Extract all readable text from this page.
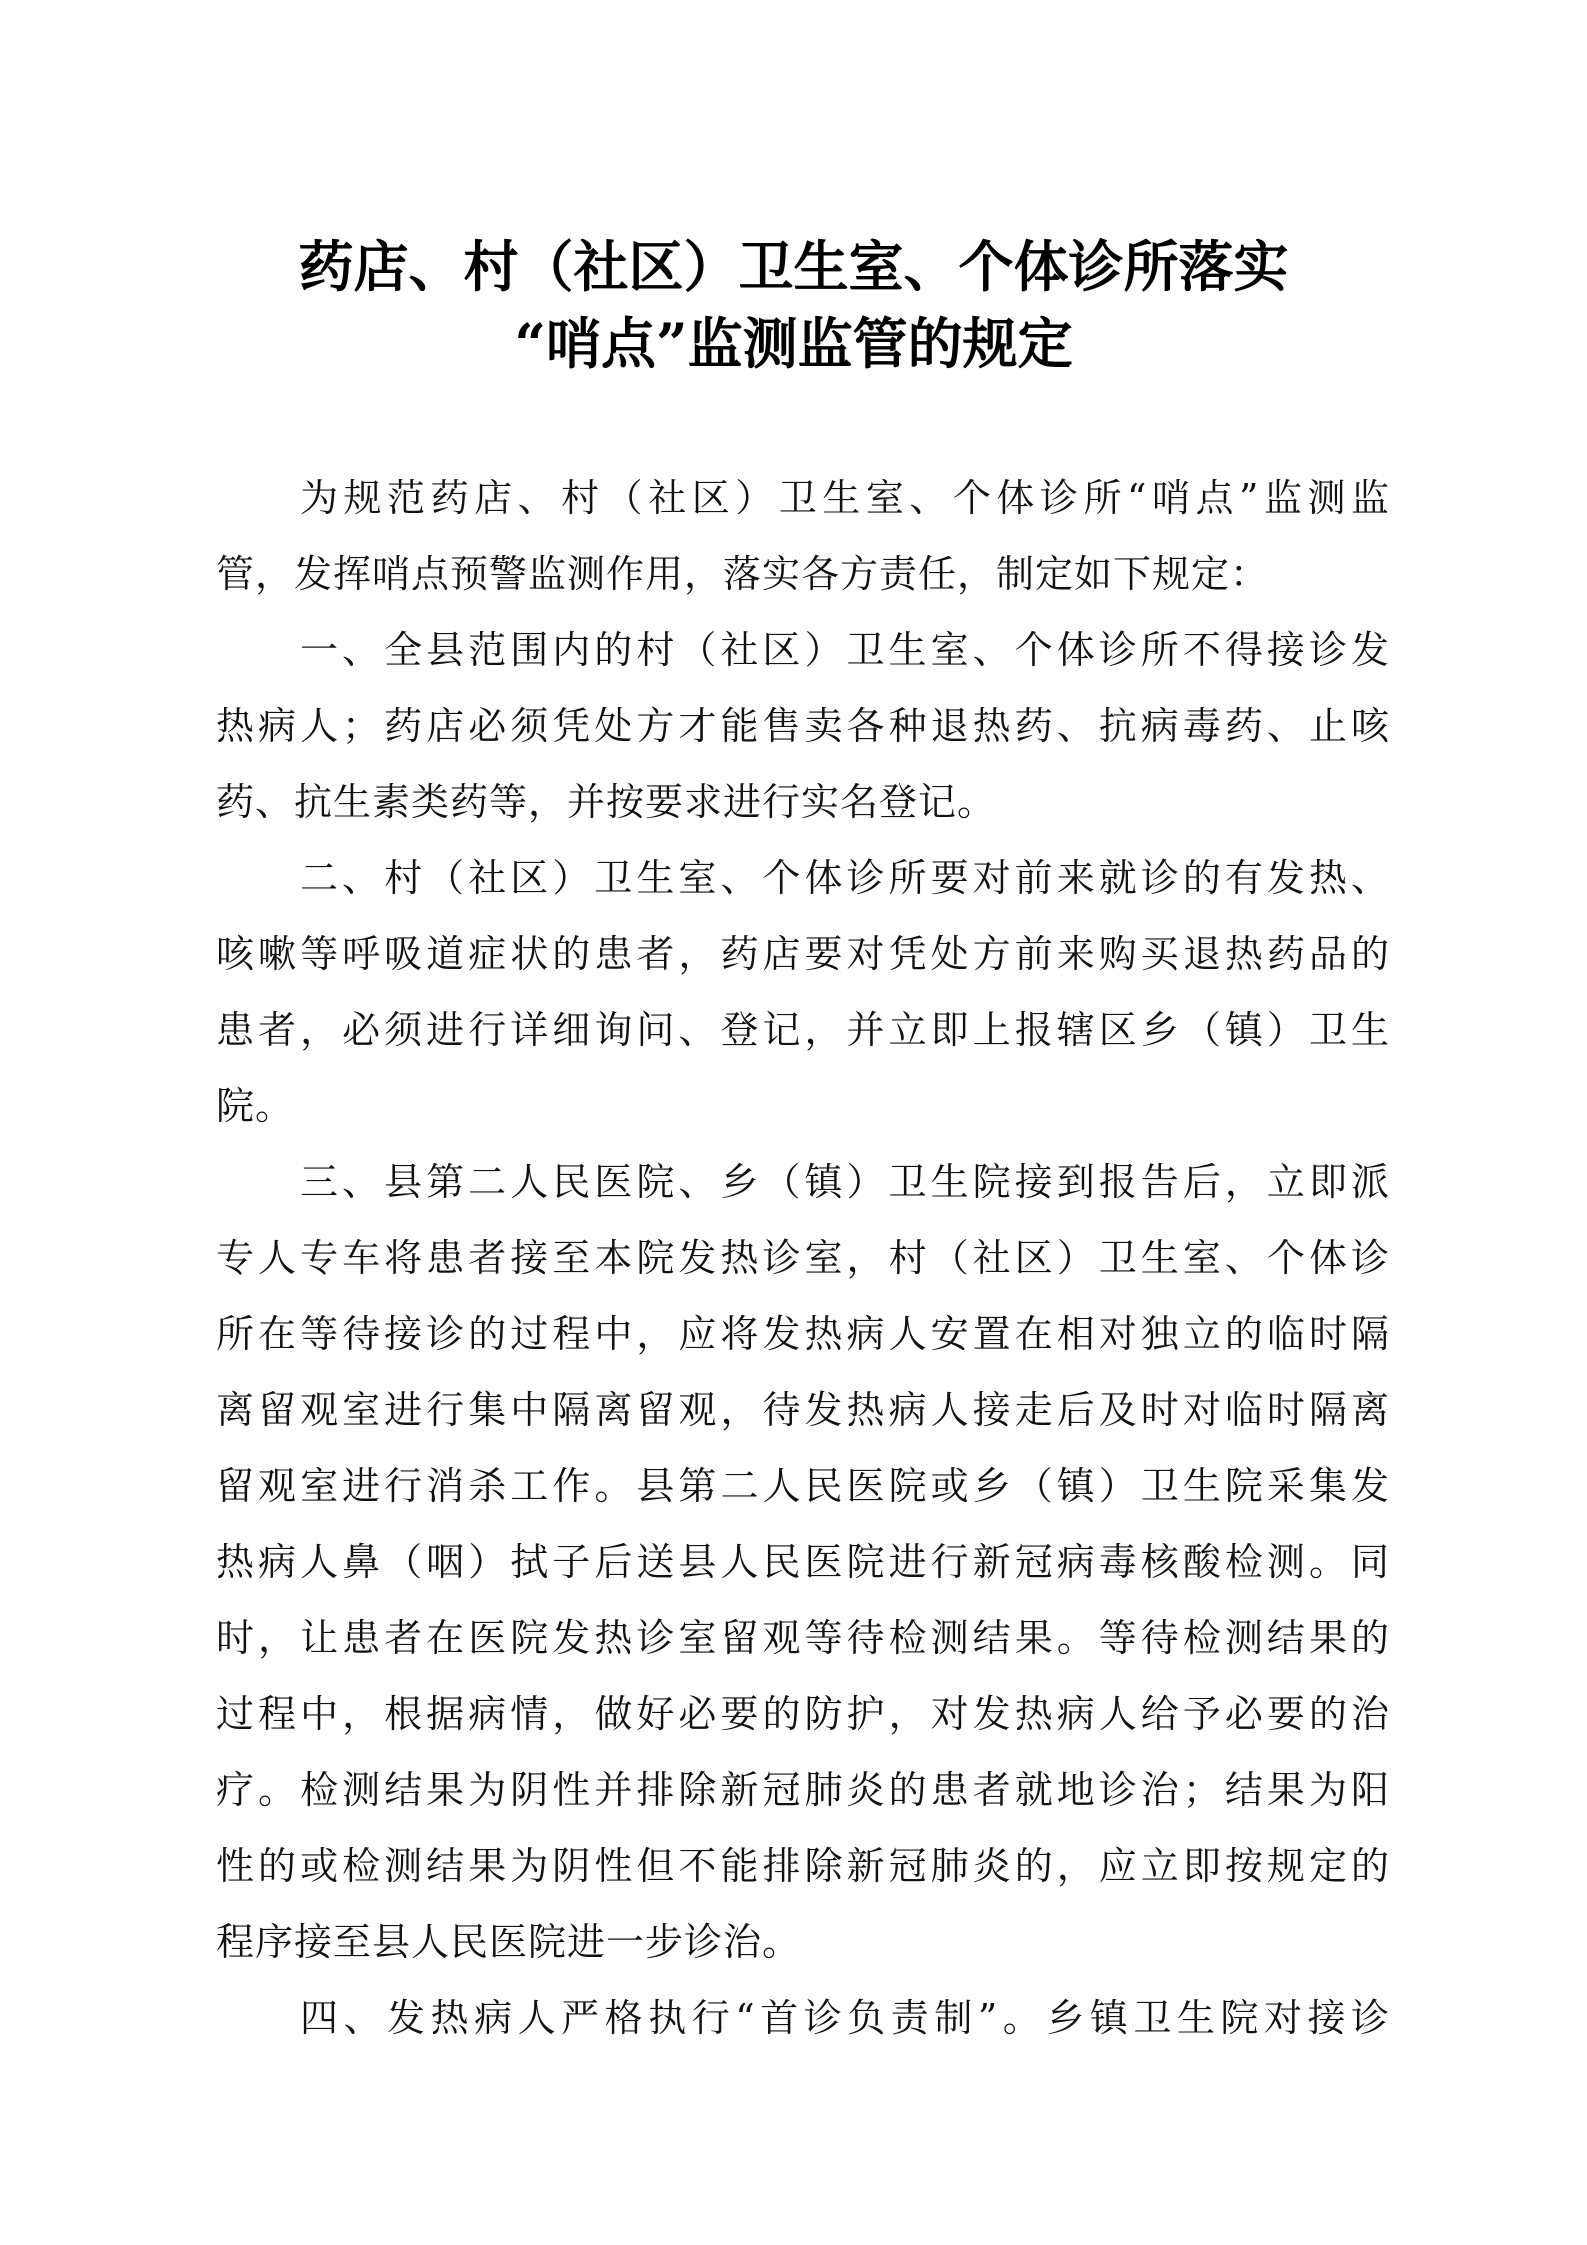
药店、村（社区）卫生室、个体诊所落实
“哨点”监测监管的规定
为规范药店、村（社区）卫生室、个体诊所“哨点”监测监
管，发挥哨点预警监测作用，落实各方责任，制定如下规定：
一、全县范围内的村（社区）卫生室、个体诊所不得接诊发
热病人；药店必须凭处方才能售卖各种退热药、抗病毒药、止咳
药、抗生素类药等，并按要求进行实名登记。
二、村（社区）卫生室、个体诊所要对前来就诊的有发热、
咳嗽等呼吸道症状的患者，药店要对凭处方前来购买退热药品的
患者，必须进行详细询问、登记，并立即上报辖区乡（镇）卫生
院。
三、县第二人民医院、乡（镇）卫生院接到报告后，立即派
专人专车将患者接至本院发热诊室，村（社区）卫生室、个体诊
所在等待接诊的过程中，应将发热病人安置在相对独立的临时隔
离留观室进行集中隔离留观，待发热病人接走后及时对临时隔离
留观室进行消杀工作。县第二人民医院或乡（镇）卫生院采集发
热病人鼻（咽）拭子后送县人民医院进行新冠病毒核酸检测。同
时，让患者在医院发热诊室留观等待检测结果。等待检测结果的
过程中，根据病情，做好必要的防护，对发热病人给予必要的治
疗。检测结果为阴性并排除新冠肺炎的患者就地诊治；结果为阳
性的或检测结果为阴性但不能排除新冠肺炎的，应立即按规定的
程序接至县人民医院进一步诊治。
四、发热病人严格执行“首诊负责制”。乡镇卫生院对接诊
